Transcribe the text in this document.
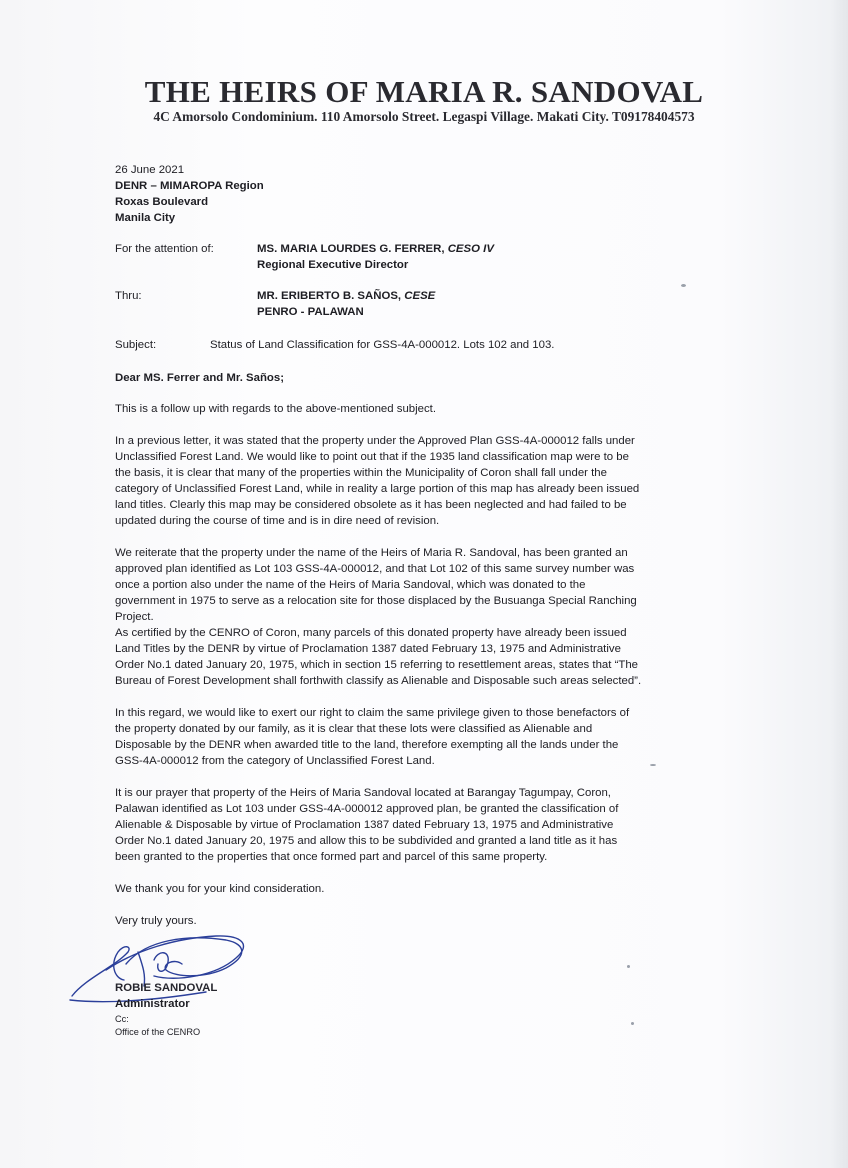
THE HEIRS OF MARIA R. SANDOVAL
4C Amorsolo Condominium. 110 Amorsolo Street. Legaspi Village. Makati City. T09178404573
26 June 2021
DENR – MIMAROPA Region
Roxas Boulevard
Manila City
For the attention of:	MS. MARIA LOURDES G. FERRER, CESO IV
Regional Executive Director
Thru:	MR. ERIBERTO B. SAÑOS, CESE
PENRO - PALAWAN
Subject:	Status of Land Classification for GSS-4A-000012. Lots 102 and 103.
Dear MS. Ferrer and Mr. Saños;

This is a follow up with regards to the above-mentioned subject.

In a previous letter, it was stated that the property under the Approved Plan GSS-4A-000012 falls under Unclassified Forest Land. We would like to point out that if the 1935 land classification map were to be the basis, it is clear that many of the properties within the Municipality of Coron shall fall under the category of Unclassified Forest Land, while in reality a large portion of this map has already been issued land titles. Clearly this map may be considered obsolete as it has been neglected and had failed to be updated during the course of time and is in dire need of revision.

We reiterate that the property under the name of the Heirs of Maria R. Sandoval, has been granted an approved plan identified as Lot 103 GSS-4A-000012, and that Lot 102 of this same survey number was once a portion also under the name of the Heirs of Maria Sandoval, which was donated to the government in 1975 to serve as a relocation site for those displaced by the Busuanga Special Ranching Project.

As certified by the CENRO of Coron, many parcels of this donated property have already been issued Land Titles by the DENR by virtue of Proclamation 1387 dated February 13, 1975 and Administrative Order No.1 dated January 20, 1975, which in section 15 referring to resettlement areas, states that “The Bureau of Forest Development shall forthwith classify as Alienable and Disposable such areas selected”.

In this regard, we would like to exert our right to claim the same privilege given to those benefactors of the property donated by our family, as it is clear that these lots were classified as Alienable and Disposable by the DENR when awarded title to the land, therefore exempting all the lands under the GSS-4A-000012 from the category of Unclassified Forest Land.

It is our prayer that property of the Heirs of Maria Sandoval located at Barangay Tagumpay, Coron, Palawan identified as Lot 103 under GSS-4A-000012 approved plan, be granted the classification of Alienable & Disposable by virtue of Proclamation 1387 dated February 13, 1975 and Administrative Order No.1 dated January 20, 1975 and allow this to be subdivided and granted a land title as it has been granted to the properties that once formed part and parcel of this same property.

We thank you for your kind consideration.

Very truly yours.
ROBIE SANDOVAL
Administrator
Cc:
Office of the CENRO
